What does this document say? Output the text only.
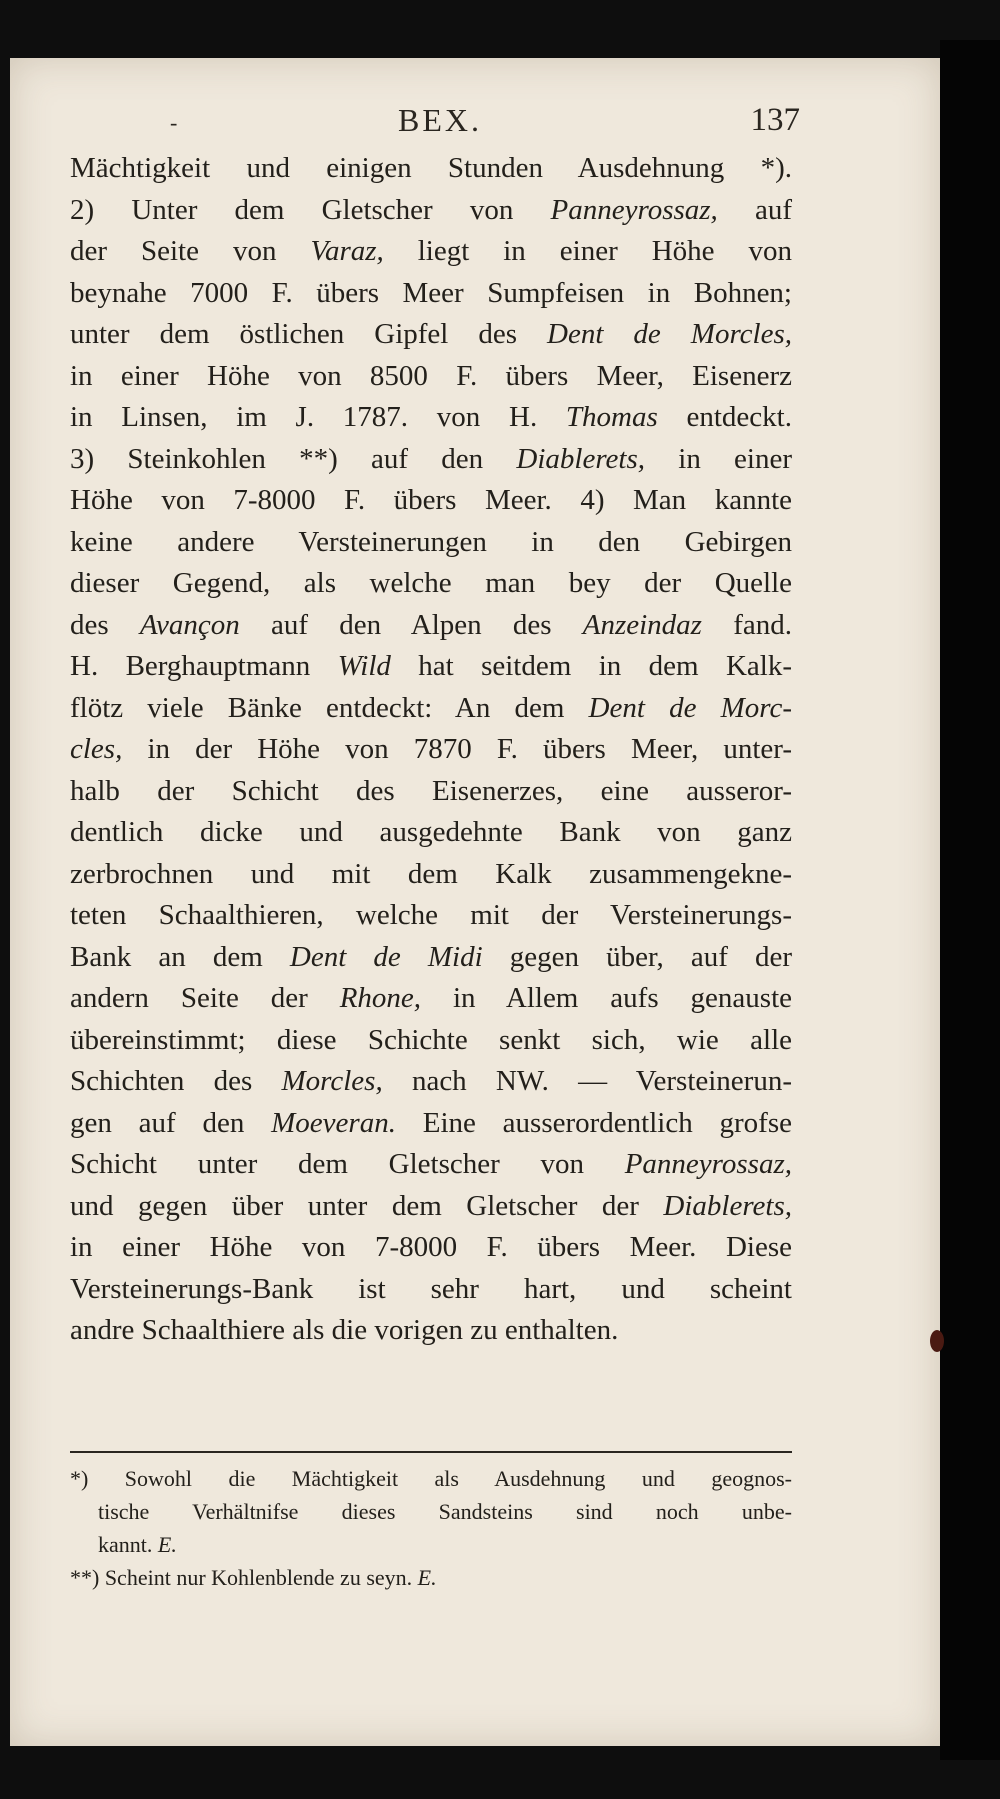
-	BEX.	137
Mächtigkeit und einigen Stunden Ausdehnung *).
2) Unter dem Gletscher von Panneyrossaz, auf
der Seite von Varaz, liegt in einer Höhe von
beynahe 7000 F. übers Meer Sumpfeisen in Bohnen;
unter dem östlichen Gipfel des Dent de Morcles,
in einer Höhe von 8500 F. übers Meer, Eisenerz
in Linsen, im J. 1787. von H. Thomas entdeckt.
3) Steinkohlen **) auf den Diablerets, in einer
Höhe von 7-8000 F. übers Meer. 4) Man kannte
keine andere Versteinerungen in den Gebirgen
dieser Gegend, als welche man bey der Quelle
des Avançon auf den Alpen des Anzeindaz fand.
H. Berghauptmann Wild hat seitdem in dem Kalk-
flötz viele Bänke entdeckt: An dem Dent de Morc-
cles, in der Höhe von 7870 F. übers Meer, unter-
halb der Schicht des Eisenerzes, eine ausseror-
dentlich dicke und ausgedehnte Bank von ganz
zerbrochnen und mit dem Kalk zusammengekne-
teten Schaalthieren, welche mit der Versteinerungs-
Bank an dem Dent de Midi gegen über, auf der
andern Seite der Rhone, in Allem aufs genauste
übereinstimmt; diese Schichte senkt sich, wie alle
Schichten des Morcles, nach NW. — Versteinerun-
gen auf den Moeveran. Eine ausserordentlich grofse
Schicht unter dem Gletscher von Panneyrossaz,
und gegen über unter dem Gletscher der Diablerets,
in einer Höhe von 7-8000 F. übers Meer. Diese
Versteinerungs-Bank ist sehr hart, und scheint
andre Schaalthiere als die vorigen zu enthalten.
*) Sowohl die Mächtigkeit als Ausdehnung und geognos-
tische Verhältnifse dieses Sandsteins sind noch unbe-
kannt. E.
**) Scheint nur Kohlenblende zu seyn. E.
